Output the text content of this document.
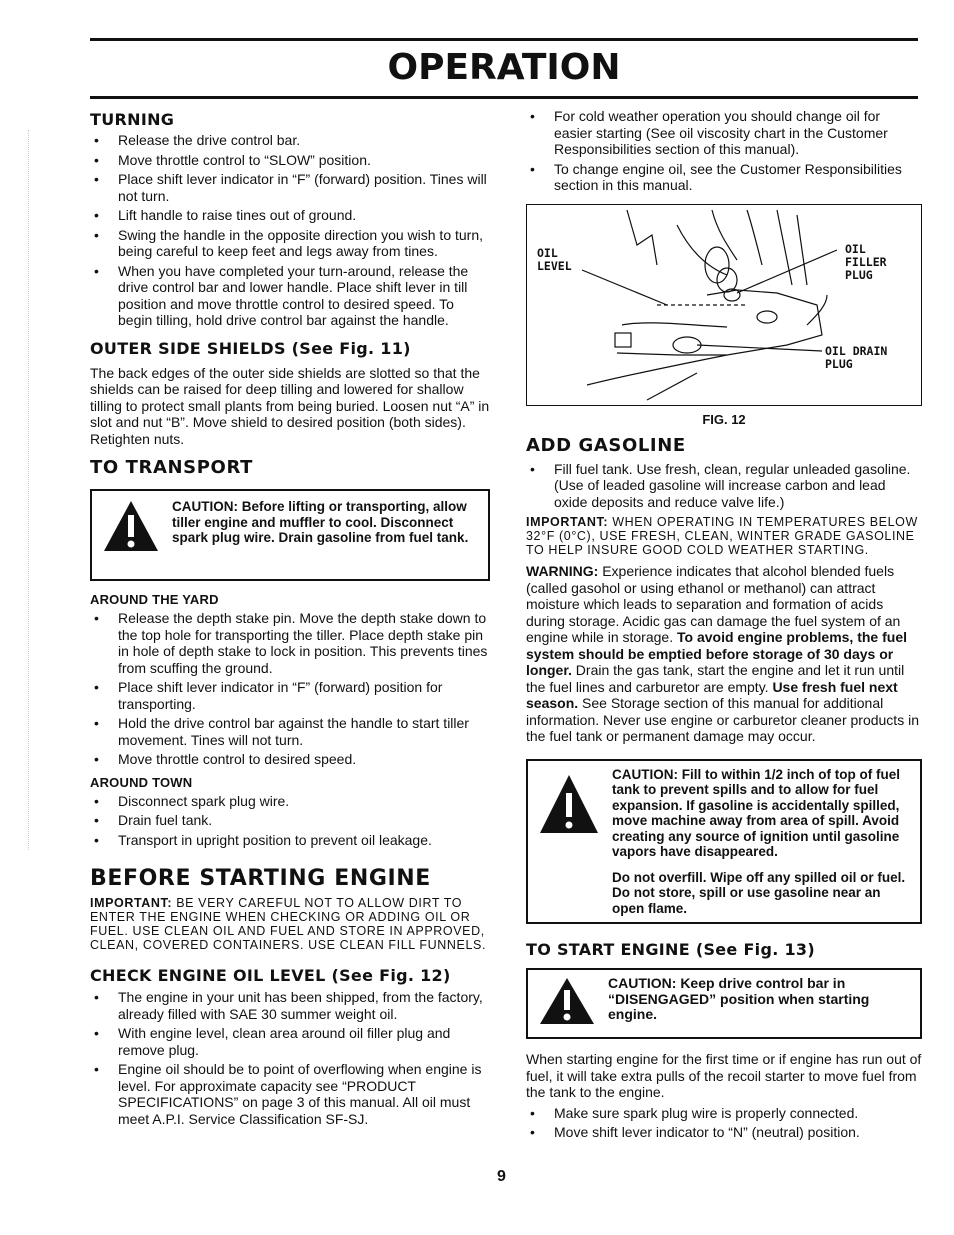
OPERATION
TURNING
• Release the drive control bar.
• Move throttle control to “SLOW” position.
• Place shift lever indicator in “F” (forward) position. Tines will not turn.
• Lift handle to raise tines out of ground.
• Swing the handle in the opposite direction you wish to turn, being careful to keep feet and legs away from tines.
• When you have completed your turn-around, release the drive control bar and lower handle. Place shift lever in till position and move throttle control to desired speed. To begin tilling, hold drive control bar against the handle.
OUTER SIDE SHIELDS (See Fig. 11)

The back edges of the outer side shields are slotted so that the shields can be raised for deep tilling and lowered for shallow tilling to protect small plants from being buried. Loosen nut “A” in slot and nut “B”. Move shield to desired position (both sides). Retighten nuts.

TO TRANSPORT
CAUTION: Before lifting or transporting, allow tiller engine and muffler to cool. Disconnect spark plug wire. Drain gasoline from fuel tank.
AROUND THE YARD
• Release the depth stake pin. Move the depth stake down to the top hole for transporting the tiller. Place depth stake pin in hole of depth stake to lock in position. This prevents tines from scuffing the ground.
• Place shift lever indicator in “F” (forward) position for transporting.
• Hold the drive control bar against the handle to start tiller movement. Tines will not turn.
• Move throttle control to desired speed.
AROUND TOWN
• Disconnect spark plug wire.
• Drain fuel tank.
• Transport in upright position to prevent oil leakage.
BEFORE STARTING ENGINE

IMPORTANT: BE VERY CAREFUL NOT TO ALLOW DIRT TO ENTER THE ENGINE WHEN CHECKING OR ADDING OIL OR FUEL. USE CLEAN OIL AND FUEL AND STORE IN APPROVED, CLEAN, COVERED CONTAINERS. USE CLEAN FILL FUNNELS.

CHECK ENGINE OIL LEVEL (See Fig. 12)
• The engine in your unit has been shipped, from the factory, already filled with SAE 30 summer weight oil.
• With engine level, clean area around oil filler plug and remove plug.
• Engine oil should be to point of overflowing when engine is level. For approximate capacity see “PRODUCT SPECIFICATIONS” on page 3 of this manual. All oil must meet A.P.I. Service Classification SF-SJ.
• For cold weather operation you should change oil for easier starting (See oil viscosity chart in the Customer Responsibilities section of this manual).
• To change engine oil, see the Customer Responsibilities section in this manual.
OIL
LEVEL
OIL
FILLER
PLUG
OIL DRAIN
PLUG
FIG. 12
ADD GASOLINE
• Fill fuel tank. Use fresh, clean, regular unleaded gasoline. (Use of leaded gasoline will increase carbon and lead oxide deposits and reduce valve life.)

IMPORTANT: WHEN OPERATING IN TEMPERATURES BELOW 32°F (0°C), USE FRESH, CLEAN, WINTER GRADE GASOLINE TO HELP INSURE GOOD COLD WEATHER STARTING.

WARNING: Experience indicates that alcohol blended fuels (called gasohol or using ethanol or methanol) can attract moisture which leads to separation and formation of acids during storage. Acidic gas can damage the fuel system of an engine while in storage. To avoid engine problems, the fuel system should be emptied before storage of 30 days or longer. Drain the gas tank, start the engine and let it run until the fuel lines and carburetor are empty. Use fresh fuel next season. See Storage section of this manual for additional information. Never use engine or carburetor cleaner products in the fuel tank or permanent damage may occur.

CAUTION: Fill to within 1/2 inch of top of fuel tank to prevent spills and to allow for fuel expansion. If gasoline is accidentally spilled, move machine away from area of spill. Avoid creating any source of ignition until gasoline vapors have disappeared.
Do not overfill. Wipe off any spilled oil or fuel. Do not store, spill or use gasoline near an open flame.
TO START ENGINE (See Fig. 13)
CAUTION: Keep drive control bar in “DISENGAGED” position when starting engine.

When starting engine for the first time or if engine has run out of fuel, it will take extra pulls of the recoil starter to move fuel from the tank to the engine.

• Make sure spark plug wire is properly connected.
• Move shift lever indicator to “N” (neutral) position.
9
